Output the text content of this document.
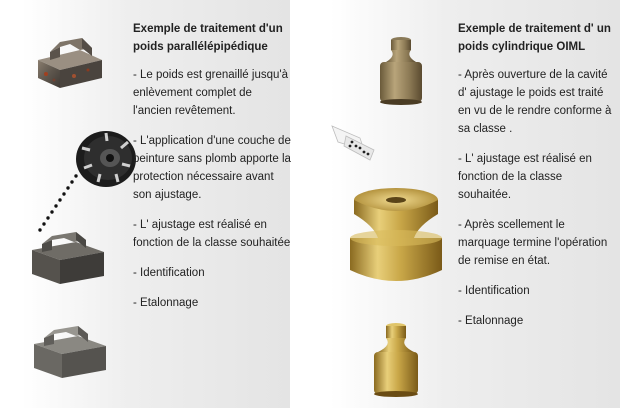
Exemple de traitement d'un poids parallélépipédique

- Le poids est grenaillé jusqu'à enlèvement complet de l'ancien revêtement.

- L'application d'une couche de peinture sans plomb apporte la protection nécessaire avant son ajustage.

- L' ajustage est réalisé en fonction de la classe souhaitée

- Identification

- Etalonnage

Exemple de traitement d' un poids cylindrique OIML

- Après ouverture de la cavité d' ajustage le poids est traité en vu de le rendre conforme à sa classe .

- L' ajustage est réalisé en fonction de la classe souhaitée.

- Après scellement le marquage termine l'opération de remise en état.

- Identification

- Etalonnage
